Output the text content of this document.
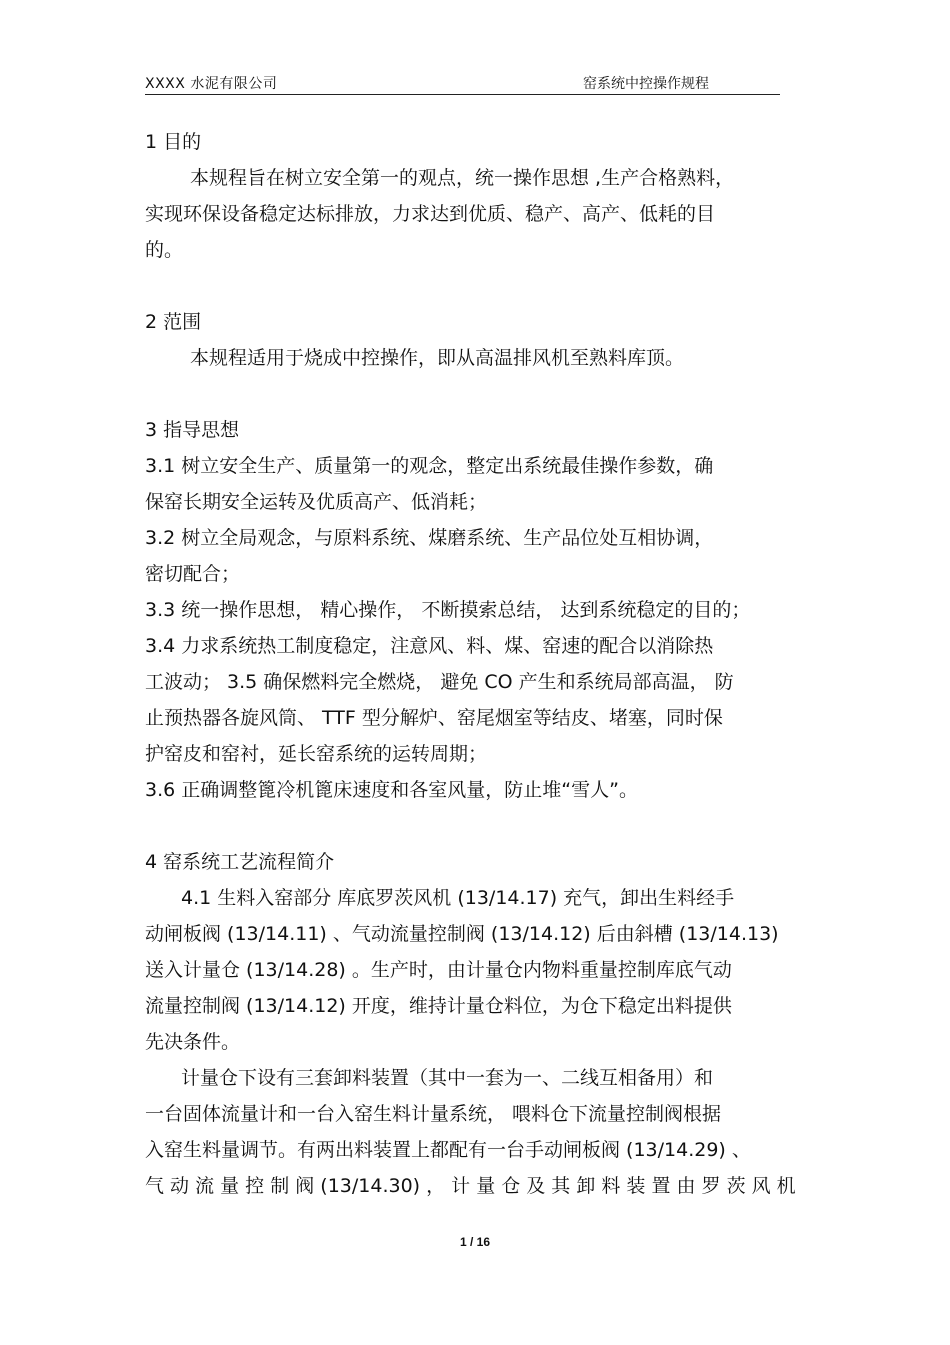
XXXX 水泥有限公司	窑系统中控操作规程
1 目的
本规程旨在树立安全第一的观点，统一操作思想 ,生产合格熟料，
实现环保设备稳定达标排放，力求达到优质、稳产、高产、低耗的目
的。
2 范围
本规程适用于烧成中控操作，即从高温排风机至熟料库顶。
3 指导思想
3.1 树立安全生产、质量第一的观念，整定出系统最佳操作参数，确
保窑长期安全运转及优质高产、低消耗；
3.2 树立全局观念，与原料系统、煤磨系统、生产品位处互相协调，
密切配合；
3.3 统一操作思想， 精心操作， 不断摸索总结， 达到系统稳定的目的；
3.4 力求系统热工制度稳定，注意风、料、煤、窑速的配合以消除热
工波动； 3.5 确保燃料完全燃烧， 避免 CO 产生和系统局部高温， 防
止预热器各旋风筒、 TTF 型分解炉、窑尾烟室等结皮、堵塞，同时保
护窑皮和窑衬，延长窑系统的运转周期；
3.6 正确调整篦冷机篦床速度和各室风量，防止堆“雪人”。
4 窑系统工艺流程简介
4.1 生料入窑部分 库底罗茨风机 (13/14.17) 充气，卸出生料经手
动闸板阀 (13/14.11) 、气动流量控制阀 (13/14.12) 后由斜槽 (13/14.13)
送入计量仓 (13/14.28) 。生产时，由计量仓内物料重量控制库底气动
流量控制阀 (13/14.12) 开度，维持计量仓料位，为仓下稳定出料提供
先决条件。
计量仓下设有三套卸料装置（其中一套为一、二线互相备用）和
一台固体流量计和一台入窑生料计量系统， 喂料仓下流量控制阀根据
入窑生料量调节。有两出料装置上都配有一台手动闸板阀 (13/14.29) 、
气 动 流 量 控 制 阀 (13/14.30) ， 计 量 仓 及 其 卸 料 装 置 由 罗 茨 风 机
1 / 16
